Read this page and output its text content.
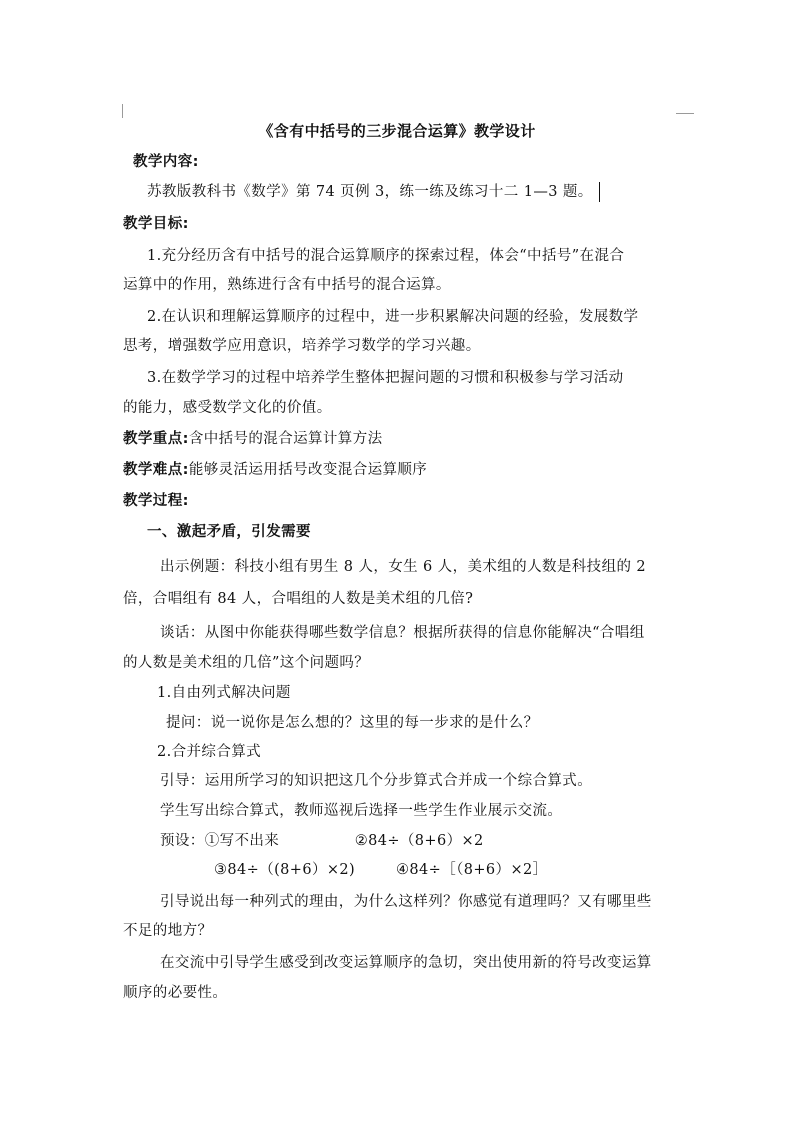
《含有中括号的三步混合运算》教学设计
教学内容:
苏教版教科书《数学》第 74 页例 3，练一练及练习十二 1—3 题。
教学目标:
1.充分经历含有中括号的混合运算顺序的探索过程，体会“中括号”在混合
运算中的作用，熟练进行含有中括号的混合运算。
2.在认识和理解运算顺序的过程中，进一步积累解决问题的经验，发展数学
思考，增强数学应用意识，培养学习数学的学习兴趣。
3.在数学学习的过程中培养学生整体把握问题的习惯和积极参与学习活动
的能力，感受数学文化的价值。
教学重点:含中括号的混合运算计算方法
教学难点:能够灵活运用括号改变混合运算顺序
教学过程:
一、激起矛盾，引发需要
出示例题：科技小组有男生 8 人，女生 6 人，美术组的人数是科技组的 2
倍，合唱组有 84 人，合唱组的人数是美术组的几倍?
谈话：从图中你能获得哪些数学信息？根据所获得的信息你能解决“合唱组
的人数是美术组的几倍”这个问题吗？
1.自由列式解决问题
提问：说一说你是怎么想的？这里的每一步求的是什么？
2.合并综合算式
引导：运用所学习的知识把这几个分步算式合并成一个综合算式。
学生写出综合算式，教师巡视后选择一些学生作业展示交流。
预设：①写不出来	②84÷（8+6）×2
③84÷（(8+6）×2)	④84÷［（8+6）×2］
引导说出每一种列式的理由，为什么这样列？你感觉有道理吗？又有哪里些
不足的地方？
在交流中引导学生感受到改变运算顺序的急切，突出使用新的符号改变运算
顺序的必要性。
